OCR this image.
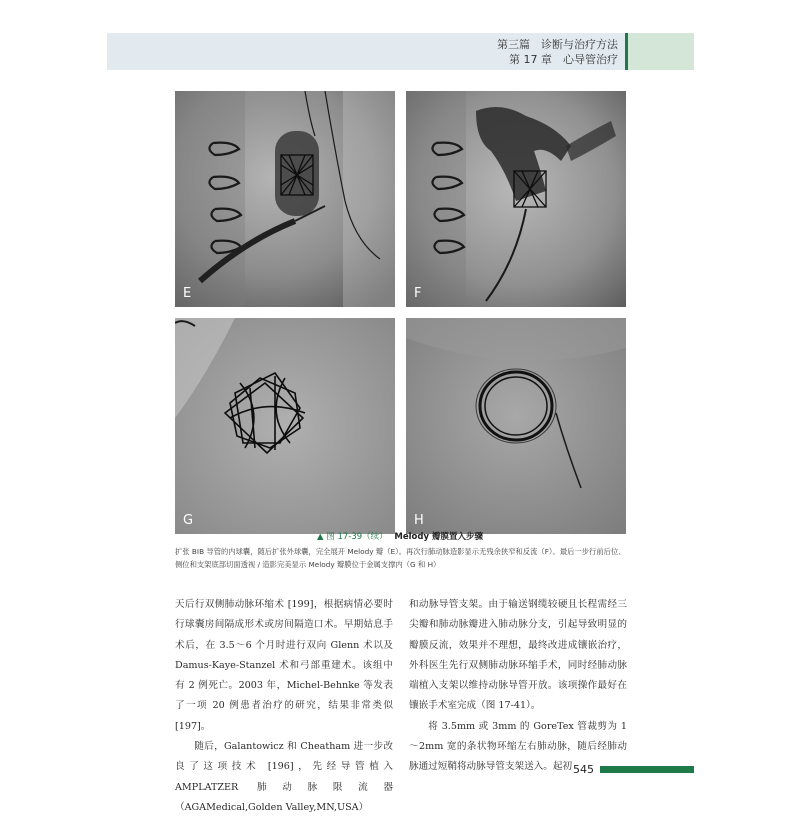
第三篇　诊断与治疗方法
第 17 章　心导管治疗
E	F
G	H
▲ 图 17-39（续） Melody 瓣膜置入步骤
扩张 BIB 导管的内球囊，随后扩张外球囊，完全展开 Melody 瓣（E）。再次行肺动脉造影显示无残余狭窄和反流（F）。最后一步行前后位、侧位和支架底部切面透视 / 造影完美显示 Melody 瓣膜位于金属支撑内（G 和 H）

天后行双侧肺动脉环缩术 [199]，根据病情必要时行球囊房间隔成形术或房间隔造口术。早期姑息手术后，在 3.5～6 个月时进行双向 Glenn 术以及 Damus-Kaye-Stanzel 术和弓部重建术。该组中有 2 例死亡。2003 年，Michel-Behnke 等发表了一项 20 例患者治疗的研究，结果非常类似 [197]。

随后，Galantowicz 和 Cheatham 进一步改良了这项技术 [196]，先经导管植入 AMPLATZER 肺动脉限流器（AGAMedical,Golden Valley,MN,USA）

和动脉导管支架。由于输送钢缆较硬且长程需经三尖瓣和肺动脉瓣进入肺动脉分支，引起导致明显的瓣膜反流，效果并不理想，最终改进成镶嵌治疗，外科医生先行双侧肺动脉环缩手术，同时经肺动脉端植入支架以维持动脉导管开放。该项操作最好在镶嵌手术室完成（图 17-41）。

将 3.5mm 或 3mm 的 GoreTex 管裁剪为 1～2mm 宽的条状物环缩左右肺动脉，随后经肺动脉通过短鞘将动脉导管支架送入。起初 545
